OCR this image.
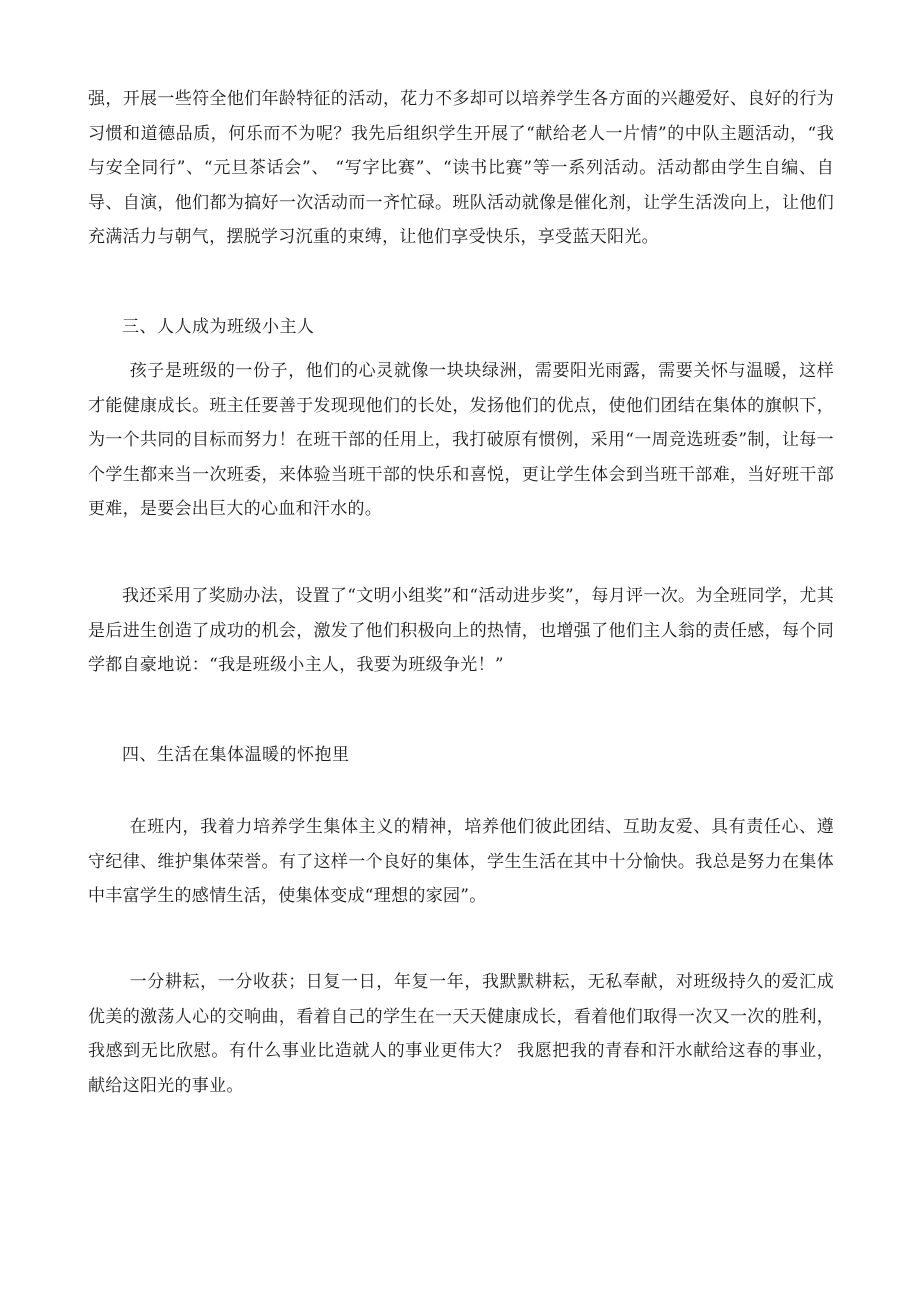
强，开展一些符全他们年龄特征的活动，花力不多却可以培养学生各方面的兴趣爱好、良好的行为习惯和道德品质，何乐而不为呢？我先后组织学生开展了“献给老人一片情”的中队主题活动，“我与安全同行”、“元旦茶话会”、 “写字比赛”、“读书比赛”等一系列活动。活动都由学生自编、自导、自演，他们都为搞好一次活动而一齐忙碌。班队活动就像是催化剂，让学生活泼向上，让他们充满活力与朝气，摆脱学习沉重的束缚，让他们享受快乐，享受蓝天阳光。

三、人人成为班级小主人

孩子是班级的一份子，他们的心灵就像一块块绿洲，需要阳光雨露，需要关怀与温暖，这样才能健康成长。班主任要善于发现现他们的长处，发扬他们的优点，使他们团结在集体的旗帜下，为一个共同的目标而努力！在班干部的任用上，我打破原有惯例，采用“一周竞选班委”制，让每一个学生都来当一次班委，来体验当班干部的快乐和喜悦，更让学生体会到当班干部难，当好班干部更难，是要会出巨大的心血和汗水的。

我还采用了奖励办法，设置了“文明小组奖”和“活动进步奖”，每月评一次。为全班同学，尤其是后进生创造了成功的机会，激发了他们积极向上的热情，也增强了他们主人翁的责任感，每个同学都自豪地说：“我是班级小主人，我要为班级争光！”

四、生活在集体温暖的怀抱里

在班内，我着力培养学生集体主义的精神，培养他们彼此团结、互助友爱、具有责任心、遵守纪律、维护集体荣誉。有了这样一个良好的集体，学生生活在其中十分愉快。我总是努力在集体中丰富学生的感情生活，使集体变成“理想的家园”。

一分耕耘，一分收获；日复一日，年复一年，我默默耕耘，无私奉献，对班级持久的爱汇成优美的激荡人心的交响曲，看着自己的学生在一天天健康成长，看着他们取得一次又一次的胜利，我感到无比欣慰。有什么事业比造就人的事业更伟大？ 我愿把我的青春和汗水献给这春的事业，献给这阳光的事业。
